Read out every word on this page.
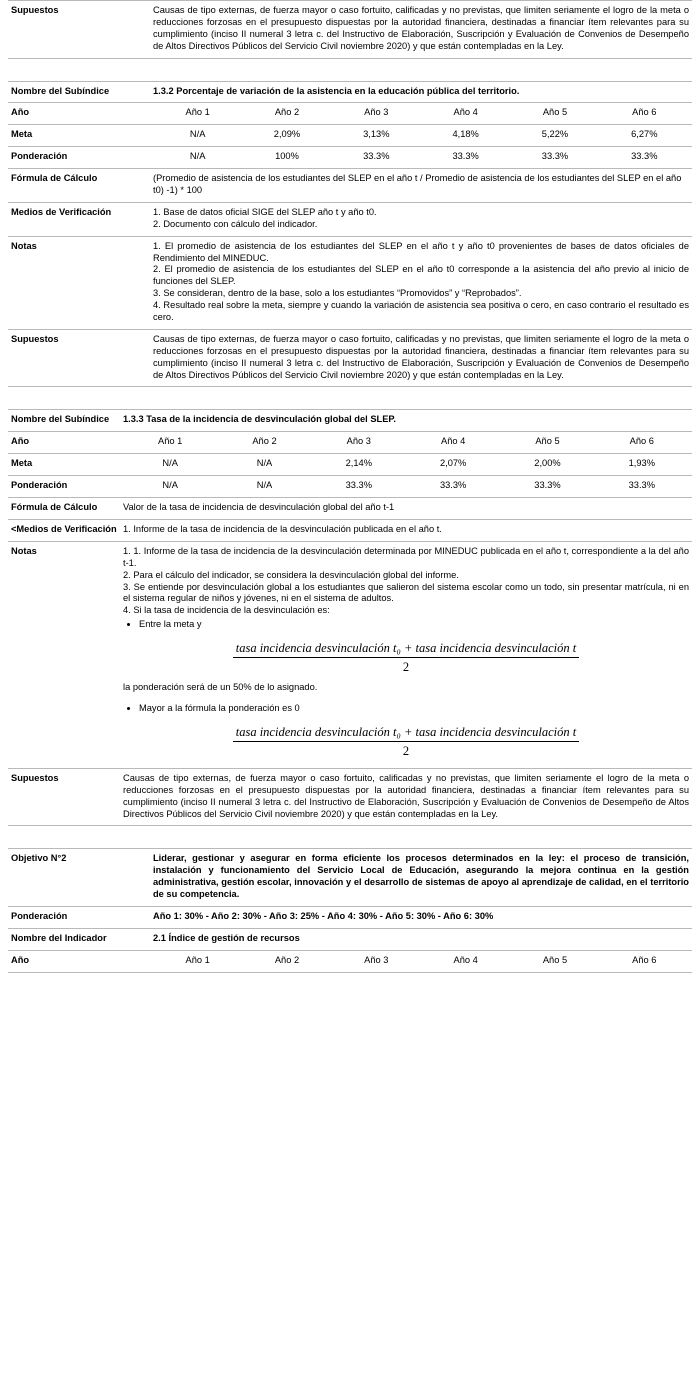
Supuestos	Causas de tipo externas, de fuerza mayor o caso fortuito, calificadas y no previstas, que limiten seriamente el logro de la meta o reducciones forzosas en el presupuesto dispuestas por la autoridad financiera, destinadas a financiar ítem relevantes para su cumplimiento (inciso II numeral 3 letra c. del Instructivo de Elaboración, Suscripción y Evaluación de Convenios de Desempeño de Altos Directivos Públicos del Servicio Civil noviembre 2020) y que están contempladas en la Ley.
Nombre del Subíndice	1.3.2 Porcentaje de variación de la asistencia en la educación pública del territorio.
Año		Año 1	Año 2	Año 3	Año 4	Año 5	Año 6

Meta		N/A	2,09%	3,13%	4,18%	5,22%	6,27%

Ponderación		N/A	100%	33.3%	33.3%	33.3%	33.3%

Fórmula de Cálculo	(Promedio de asistencia de los estudiantes del SLEP en el año t / Promedio de asistencia de los estudiantes del SLEP en el año t0) -1) * 100
Medios de Verificación	1. Base de datos oficial SIGE del SLEP año t y año t0.
2. Documento con cálculo del indicador.

Notas	1. El promedio de asistencia de los estudiantes del SLEP en el año t y año t0 provenientes de bases de datos oficiales de Rendimiento del MINEDUC.
2. El promedio de asistencia de los estudiantes del SLEP en el año t0 corresponde a la asistencia del año previo al inicio de funciones del SLEP.
3. Se consideran, dentro de la base, solo a los estudiantes “Promovidos” y “Reprobados”.
4. Resultado real sobre la meta, siempre y cuando la variación de asistencia sea positiva o cero, en caso contrario el resultado es cero.

Supuestos	Causas de tipo externas, de fuerza mayor o caso fortuito, calificadas y no previstas, que limiten seriamente el logro de la meta o reducciones forzosas en el presupuesto dispuestas por la autoridad financiera, destinadas a financiar ítem relevantes para su cumplimiento (inciso II numeral 3 letra c. del Instructivo de Elaboración, Suscripción y Evaluación de Convenios de Desempeño de Altos Directivos Públicos del Servicio Civil noviembre 2020) y que están contempladas en la Ley.
Nombre del Subíndice	1.3.3 Tasa de la incidencia de desvinculación global del SLEP.
Año		Año 1	Año 2	Año 3	Año 4	Año 5	Año 6

Meta		N/A	N/A	2,14%	2,07%	2,00%	1,93%

Ponderación		N/A	N/A	33.3%	33.3%	33.3%	33.3%

Fórmula de Cálculo	Valor de la tasa de incidencia de desvinculación global del año t-1
<Medios de Verificación	1. Informe de la tasa de incidencia de la desvinculación publicada en el año t.
Notas	1. 1. Informe de la tasa de incidencia de la desvinculación determinada por MINEDUC publicada en el año t, correspondiente a la del año t-1.
2. Para el cálculo del indicador, se considera la desvinculación global del informe.
3. Se entiende por desvinculación global a los estudiantes que salieron del sistema escolar como un todo, sin presentar matrícula, ni en el sistema regular de niños y jóvenes, ni en el sistema de adultos.
4. Si la tasa de incidencia de la desvinculación es:
• Entre la meta y
tasa incidencia desvinculación t₀ + tasa incidencia desvinculación t
2
la ponderación será de un 50% de lo asignado.
• Mayor a la fórmula la ponderación es 0
tasa incidencia desvinculación t₀ + tasa incidencia desvinculación t
2

Supuestos	Causas de tipo externas, de fuerza mayor o caso fortuito, calificadas y no previstas, que limiten seriamente el logro de la meta o reducciones forzosas en el presupuesto dispuestas por la autoridad financiera, destinadas a financiar ítem relevantes para su cumplimiento (inciso II numeral 3 letra c. del Instructivo de Elaboración, Suscripción y Evaluación de Convenios de Desempeño de Altos Directivos Públicos del Servicio Civil noviembre 2020) y que están contempladas en la Ley.
Objetivo N°2	Liderar, gestionar y asegurar en forma eficiente los procesos determinados en la ley: el proceso de transición, instalación y funcionamiento del Servicio Local de Educación, asegurando la mejora continua en la gestión administrativa, gestión escolar, innovación y el desarrollo de sistemas de apoyo al aprendizaje de calidad, en el territorio de su competencia.
Ponderación	Año 1: 30% - Año 2: 30% - Año 3: 25% - Año 4: 30% - Año 5: 30% - Año 6: 30%
Nombre del Indicador	2.1 Índice de gestión de recursos
Año		Año 1	Año 2	Año 3	Año 4	Año 5	Año 6
